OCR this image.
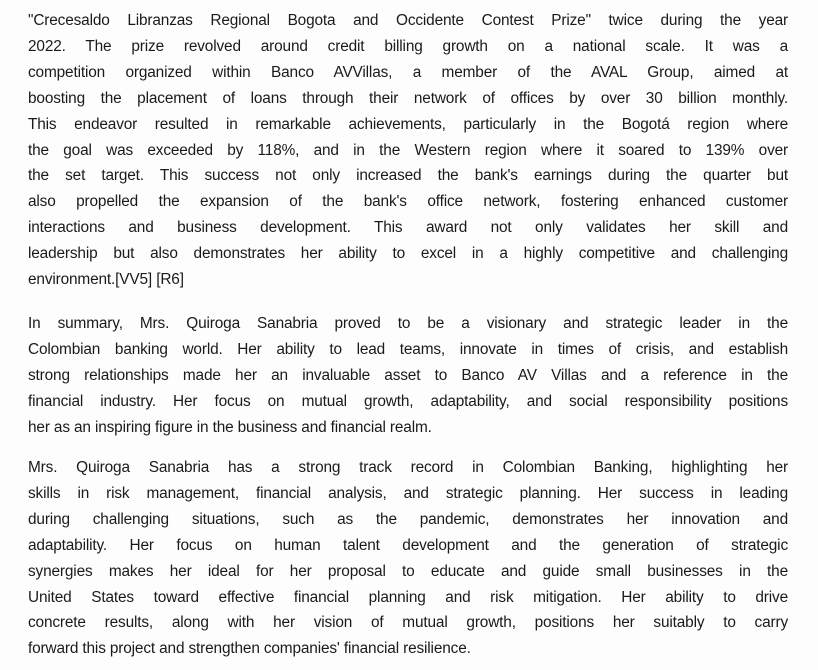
"Crecesaldo Libranzas Regional Bogota and Occidente Contest Prize" twice during the year
2022. The prize revolved around credit billing growth on a national scale. It was a
competition organized within Banco AVVillas, a member of the AVAL Group, aimed at
boosting the placement of loans through their network of offices by over 30 billion monthly.
This endeavor resulted in remarkable achievements, particularly in the Bogotá region where
the goal was exceeded by 118%, and in the Western region where it soared to 139% over
the set target. This success not only increased the bank's earnings during the quarter but
also propelled the expansion of the bank's office network, fostering enhanced customer
interactions and business development. This award not only validates her skill and
leadership but also demonstrates her ability to excel in a highly competitive and challenging
environment.[VV5] [R6]
In summary, Mrs. Quiroga Sanabria proved to be a visionary and strategic leader in the
Colombian banking world. Her ability to lead teams, innovate in times of crisis, and establish
strong relationships made her an invaluable asset to Banco AV Villas and a reference in the
financial industry. Her focus on mutual growth, adaptability, and social responsibility positions
her as an inspiring figure in the business and financial realm.
Mrs. Quiroga Sanabria has a strong track record in Colombian Banking, highlighting her
skills in risk management, financial analysis, and strategic planning. Her success in leading
during challenging situations, such as the pandemic, demonstrates her innovation and
adaptability. Her focus on human talent development and the generation of strategic
synergies makes her ideal for her proposal to educate and guide small businesses in the
United States toward effective financial planning and risk mitigation. Her ability to drive
concrete results, along with her vision of mutual growth, positions her suitably to carry
forward this project and strengthen companies' financial resilience.
